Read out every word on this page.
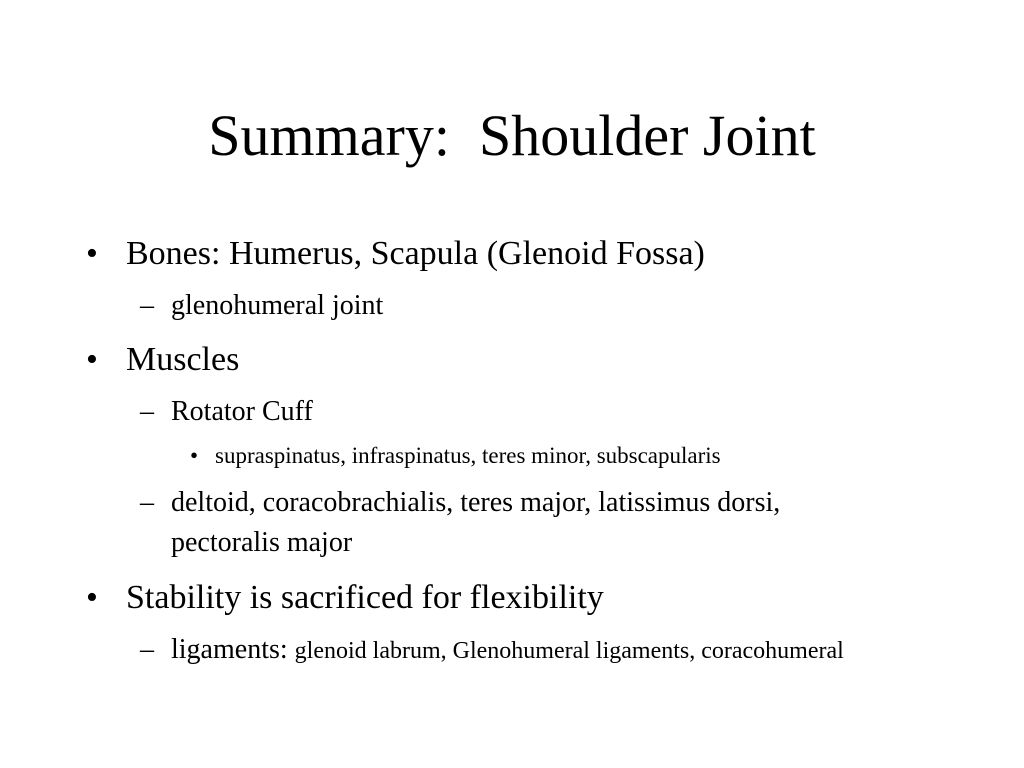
Summary:  Shoulder Joint
• Bones: Humerus, Scapula (Glenoid Fossa)
– glenohumeral joint
• Muscles
– Rotator Cuff
• supraspinatus, infraspinatus, teres minor, subscapularis
– deltoid, coracobrachialis, teres major, latissimus dorsi,
pectoralis major
• Stability is sacrificed for flexibility
– ligaments: glenoid labrum, Glenohumeral ligaments, coracohumeral
